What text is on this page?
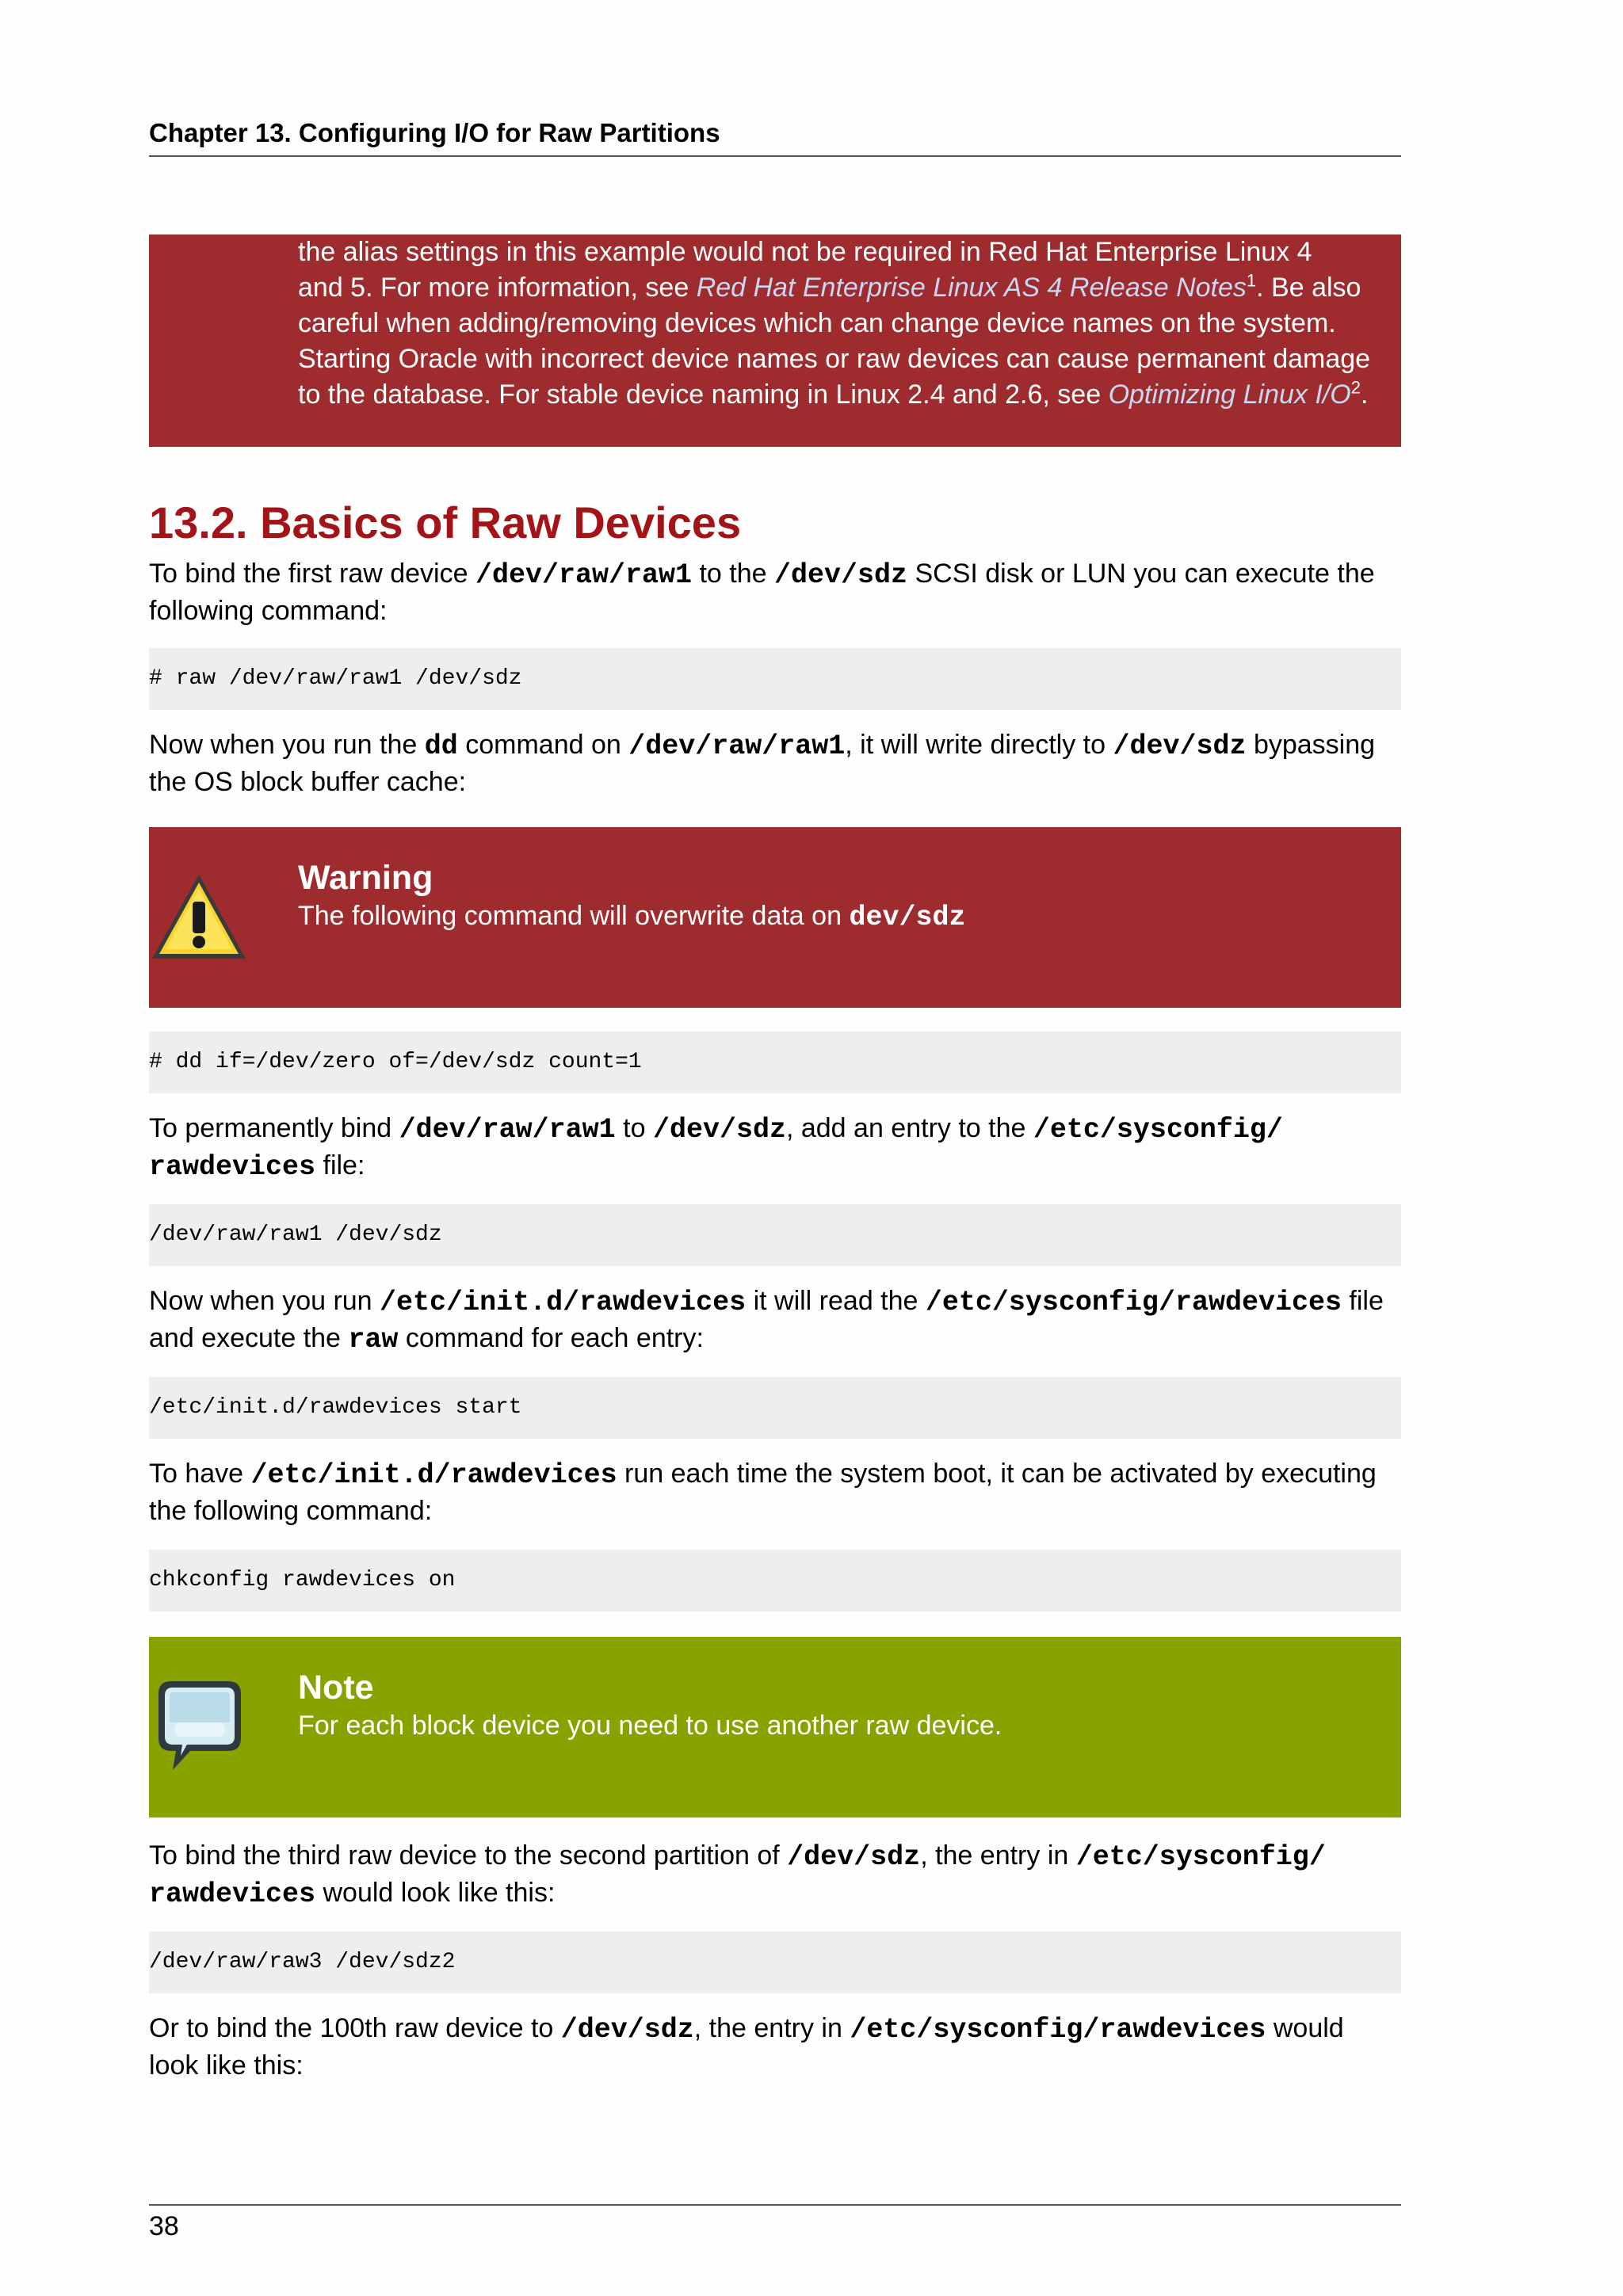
Chapter 13. Configuring I/O for Raw Partitions
the alias settings in this example would not be required in Red Hat Enterprise Linux 4
and 5. For more information, see Red Hat Enterprise Linux AS 4 Release Notes$^1$. Be also
careful when adding/removing devices which can change device names on the system.
Starting Oracle with incorrect device names or raw devices can cause permanent damage
to the database. For stable device naming in Linux 2.4 and 2.6, see Optimizing Linux $I/O^2$.
13.2. Basics of Raw Devices
To bind the first raw device /dev/raw/raw1 to the /dev/sdz SCSI disk or LUN you can execute the
following command:
# raw /dev/raw/raw1 /dev/sdz
Now when you run the dd command on /dev/raw/raw1, it will write directly to /dev/sdz bypassing
the OS block buffer cache:
Warning
The following command will overwrite data on dev/sdz
# dd if=/dev/zero of=/dev/sdz count=1
To permanently bind /dev/raw/raw1 to /dev/sdz, add an entry to the /etc/sysconfig/
rawdevices file:
/dev/raw/raw1 /dev/sdz
Now when you run /etc/init.d/rawdevices it will read the /etc/sysconfig/rawdevices file
and execute the raw command for each entry:
/etc/init.d/rawdevices start
To have /etc/init.d/rawdevices run each time the system boot, it can be activated by executing
the following command:
chkconfig rawdevices on
Note
For each block device you need to use another raw device.
To bind the third raw device to the second partition of /dev/sdz, the entry in /etc/sysconfig/
rawdevices would look like this:
/dev/raw/raw3 /dev/sdz2
Or to bind the 100th raw device to /dev/sdz, the entry in /etc/sysconfig/rawdevices would
look like this:
38
